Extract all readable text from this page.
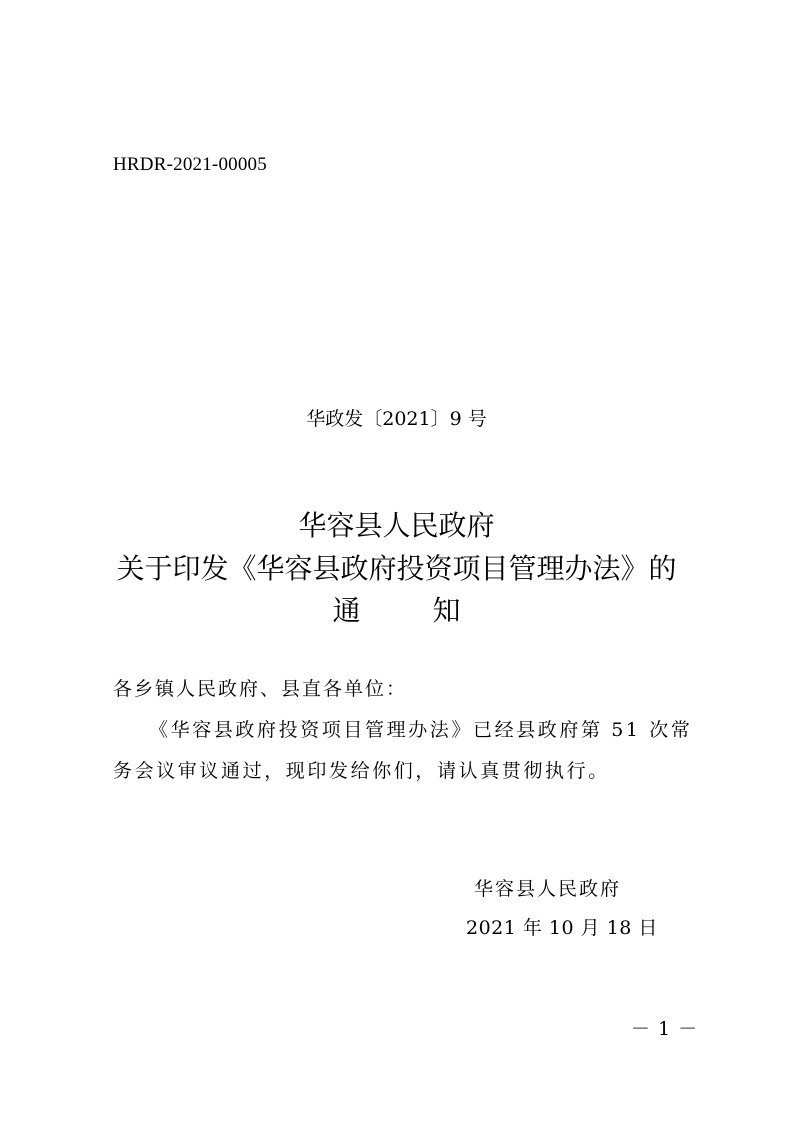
HRDR-2021-00005
华政发〔2021〕9 号
华容县人民政府
关于印发《华容县政府投资项目管理办法》的
通	知
各乡镇人民政府、县直各单位：
《华容县政府投资项目管理办法》已经县政府第 51 次常
务会议审议通过，现印发给你们，请认真贯彻执行。
华容县人民政府
2021 年 10 月 18 日
－ 1 －
